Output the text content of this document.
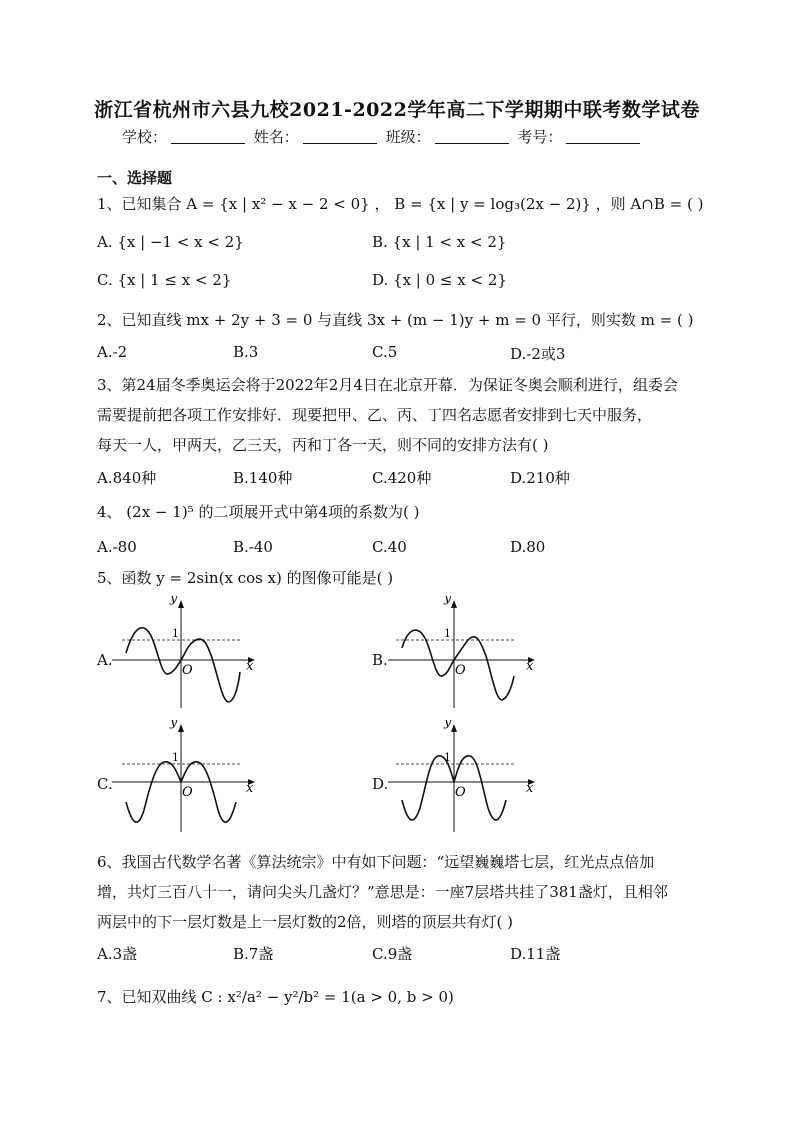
浙江省杭州市六县九校2021-2022学年高二下学期期中联考数学试卷
学校：	姓名：	班级：	考号：
一、选择题
1、已知集合 A = {x | x² − x − 2 < 0} ， B = {x | y = log₃(2x − 2)} ，则 A∩B = ( )
A. {x | −1 < x < 2}	B. {x | 1 < x < 2}
C. {x | 1 ≤ x < 2}	D. {x | 0 ≤ x < 2}
2、已知直线 mx + 2y + 3 = 0 与直线 3x + (m − 1)y + m = 0 平行，则实数 m = ( )
A.-2	B.3	C.5	D.-2或3
3、第24届冬季奥运会将于2022年2月4日在北京开幕．为保证冬奥会顺利进行，组委会
需要提前把各项工作安排好．现要把甲、乙、丙、丁四名志愿者安排到七天中服务，
每天一人，甲两天，乙三天，丙和丁各一天，则不同的安排方法有( )
A.840种	B.140种	C.420种	D.210种
4、 (2x − 1)⁵ 的二项展开式中第4项的系数为( )
A.-80	B.-40	C.40	D.80
5、函数 y = 2sin(x cos x) 的图像可能是( )
A.
y
1
O	x	B.
y
1
O	x
C.
y
1
O	x	D.
y
1
O	x
6、我国古代数学名著《算法统宗》中有如下问题：“远望巍巍塔七层，红光点点倍加
增，共灯三百八十一，请问尖头几盏灯？”意思是：一座7层塔共挂了381盏灯，且相邻
两层中的下一层灯数是上一层灯数的2倍，则塔的顶层共有灯( )
A.3盏	B.7盏	C.9盏	D.11盏
7、已知双曲线 C : x²/a² − y²/b² = 1(a > 0, b > 0)
